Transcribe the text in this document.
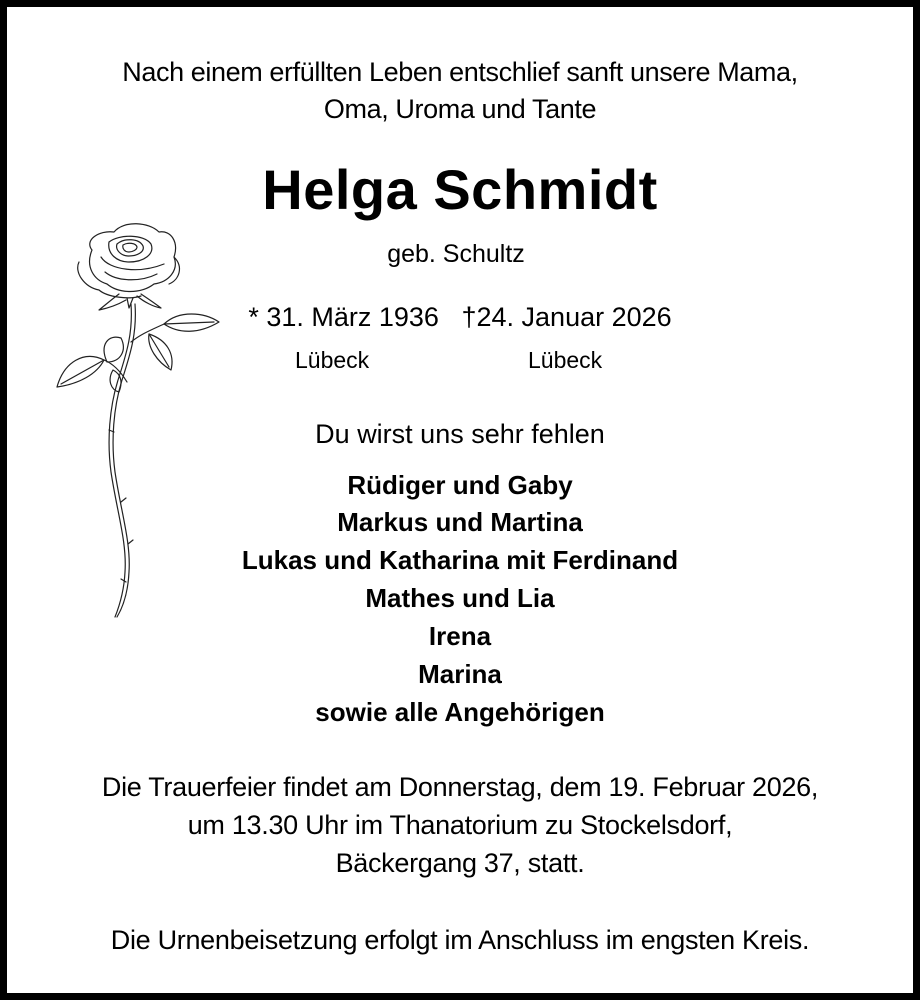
Nach einem erfüllten Leben entschlief sanft unsere Mama,
Oma, Uroma und Tante
Helga Schmidt
geb. Schultz
* 31. März 1936 †24. Januar 2026
Lübeck	Lübeck
Du wirst uns sehr fehlen
Rüdiger und Gaby
Markus und Martina
Lukas und Katharina mit Ferdinand
Mathes und Lia
Irena
Marina
sowie alle Angehörigen
Die Trauerfeier findet am Donnerstag, dem 19. Februar 2026,
um 13.30 Uhr im Thanatorium zu Stockelsdorf,
Bäckergang 37, statt.
Die Urnenbeisetzung erfolgt im Anschluss im engsten Kreis.
